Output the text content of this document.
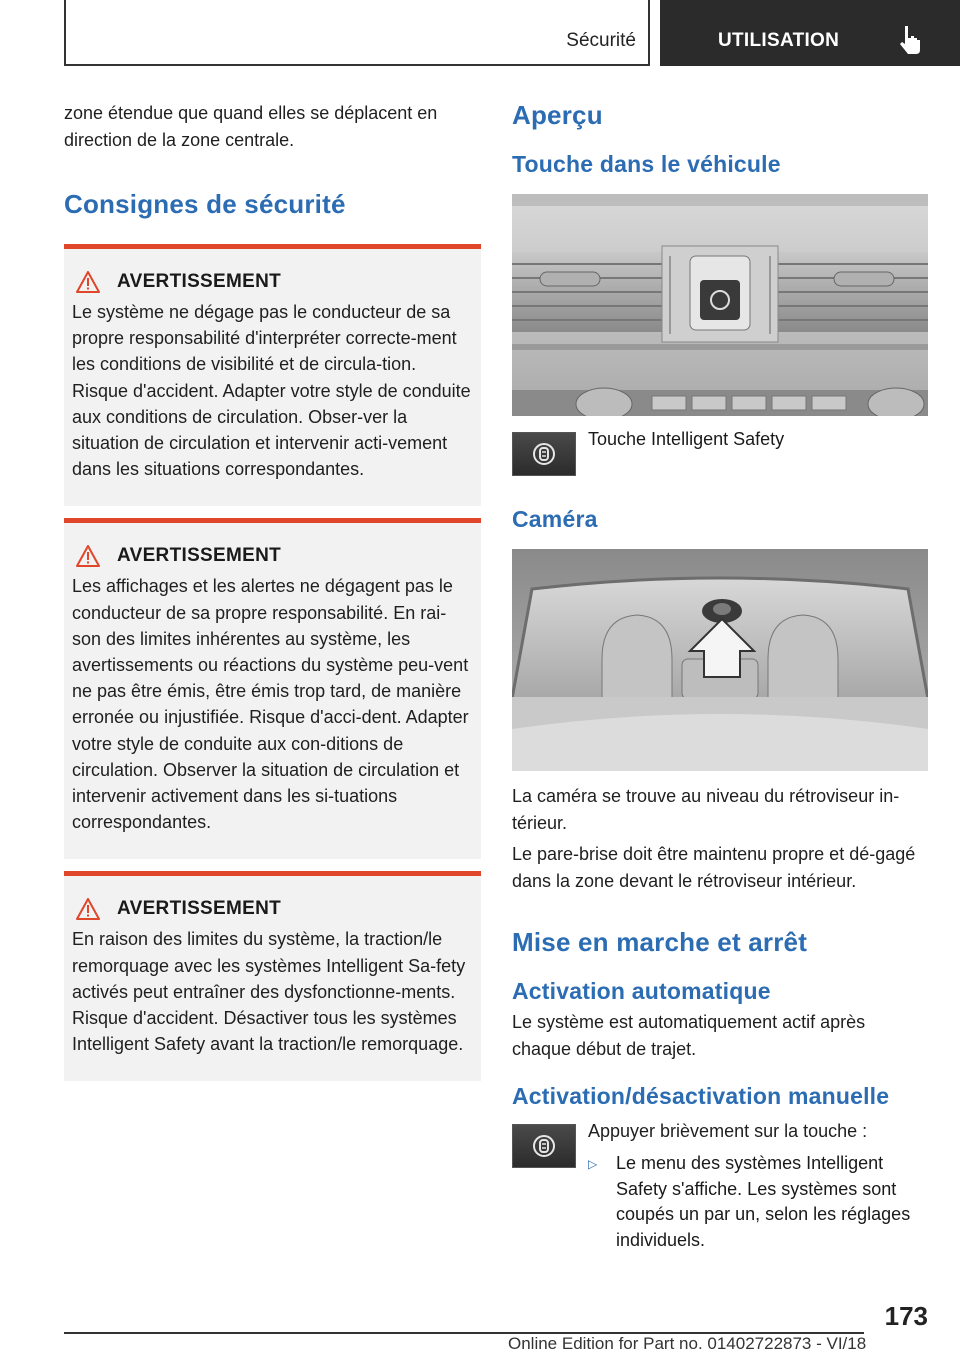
Sécurité	UTILISATION

zone étendue que quand elles se déplacent en direction de la zone centrale.

Consignes de sécurité
AVERTISSEMENT

Le système ne dégage pas le conducteur de sa propre responsabilité d'interpréter correcte-ment les conditions de visibilité et de circula-tion. Risque d'accident. Adapter votre style de conduite aux conditions de circulation. Obser-ver la situation de circulation et intervenir acti-vement dans les situations correspondantes.

AVERTISSEMENT

Les affichages et les alertes ne dégagent pas le conducteur de sa propre responsabilité. En rai-son des limites inhérentes au système, les avertissements ou réactions du système peu-vent ne pas être émis, être émis trop tard, de manière erronée ou injustifiée. Risque d'acci-dent. Adapter votre style de conduite aux con-ditions de circulation. Observer la situation de circulation et intervenir activement dans les si-tuations correspondantes.

AVERTISSEMENT

En raison des limites du système, la traction/le remorquage avec les systèmes Intelligent Sa-fety activés peut entraîner des dysfonctionne-ments. Risque d'accident. Désactiver tous les systèmes Intelligent Safety avant la traction/le remorquage.

Aperçu
Touche dans le véhicule
Touche Intelligent Safety
Caméra

La caméra se trouve au niveau du rétroviseur in-térieur.

Le pare-brise doit être maintenu propre et dé-gagé dans la zone devant le rétroviseur intérieur.

Mise en marche et arrêt
Activation automatique

Le système est automatiquement actif après chaque début de trajet.

Activation/désactivation manuelle

Appuyer brièvement sur la touche :

▷	Le menu des systèmes Intelligent Safety s'affiche. Les systèmes sont coupés un par un, selon les réglages individuels.
173
Online Edition for Part no. 01402722873 - VI/18
